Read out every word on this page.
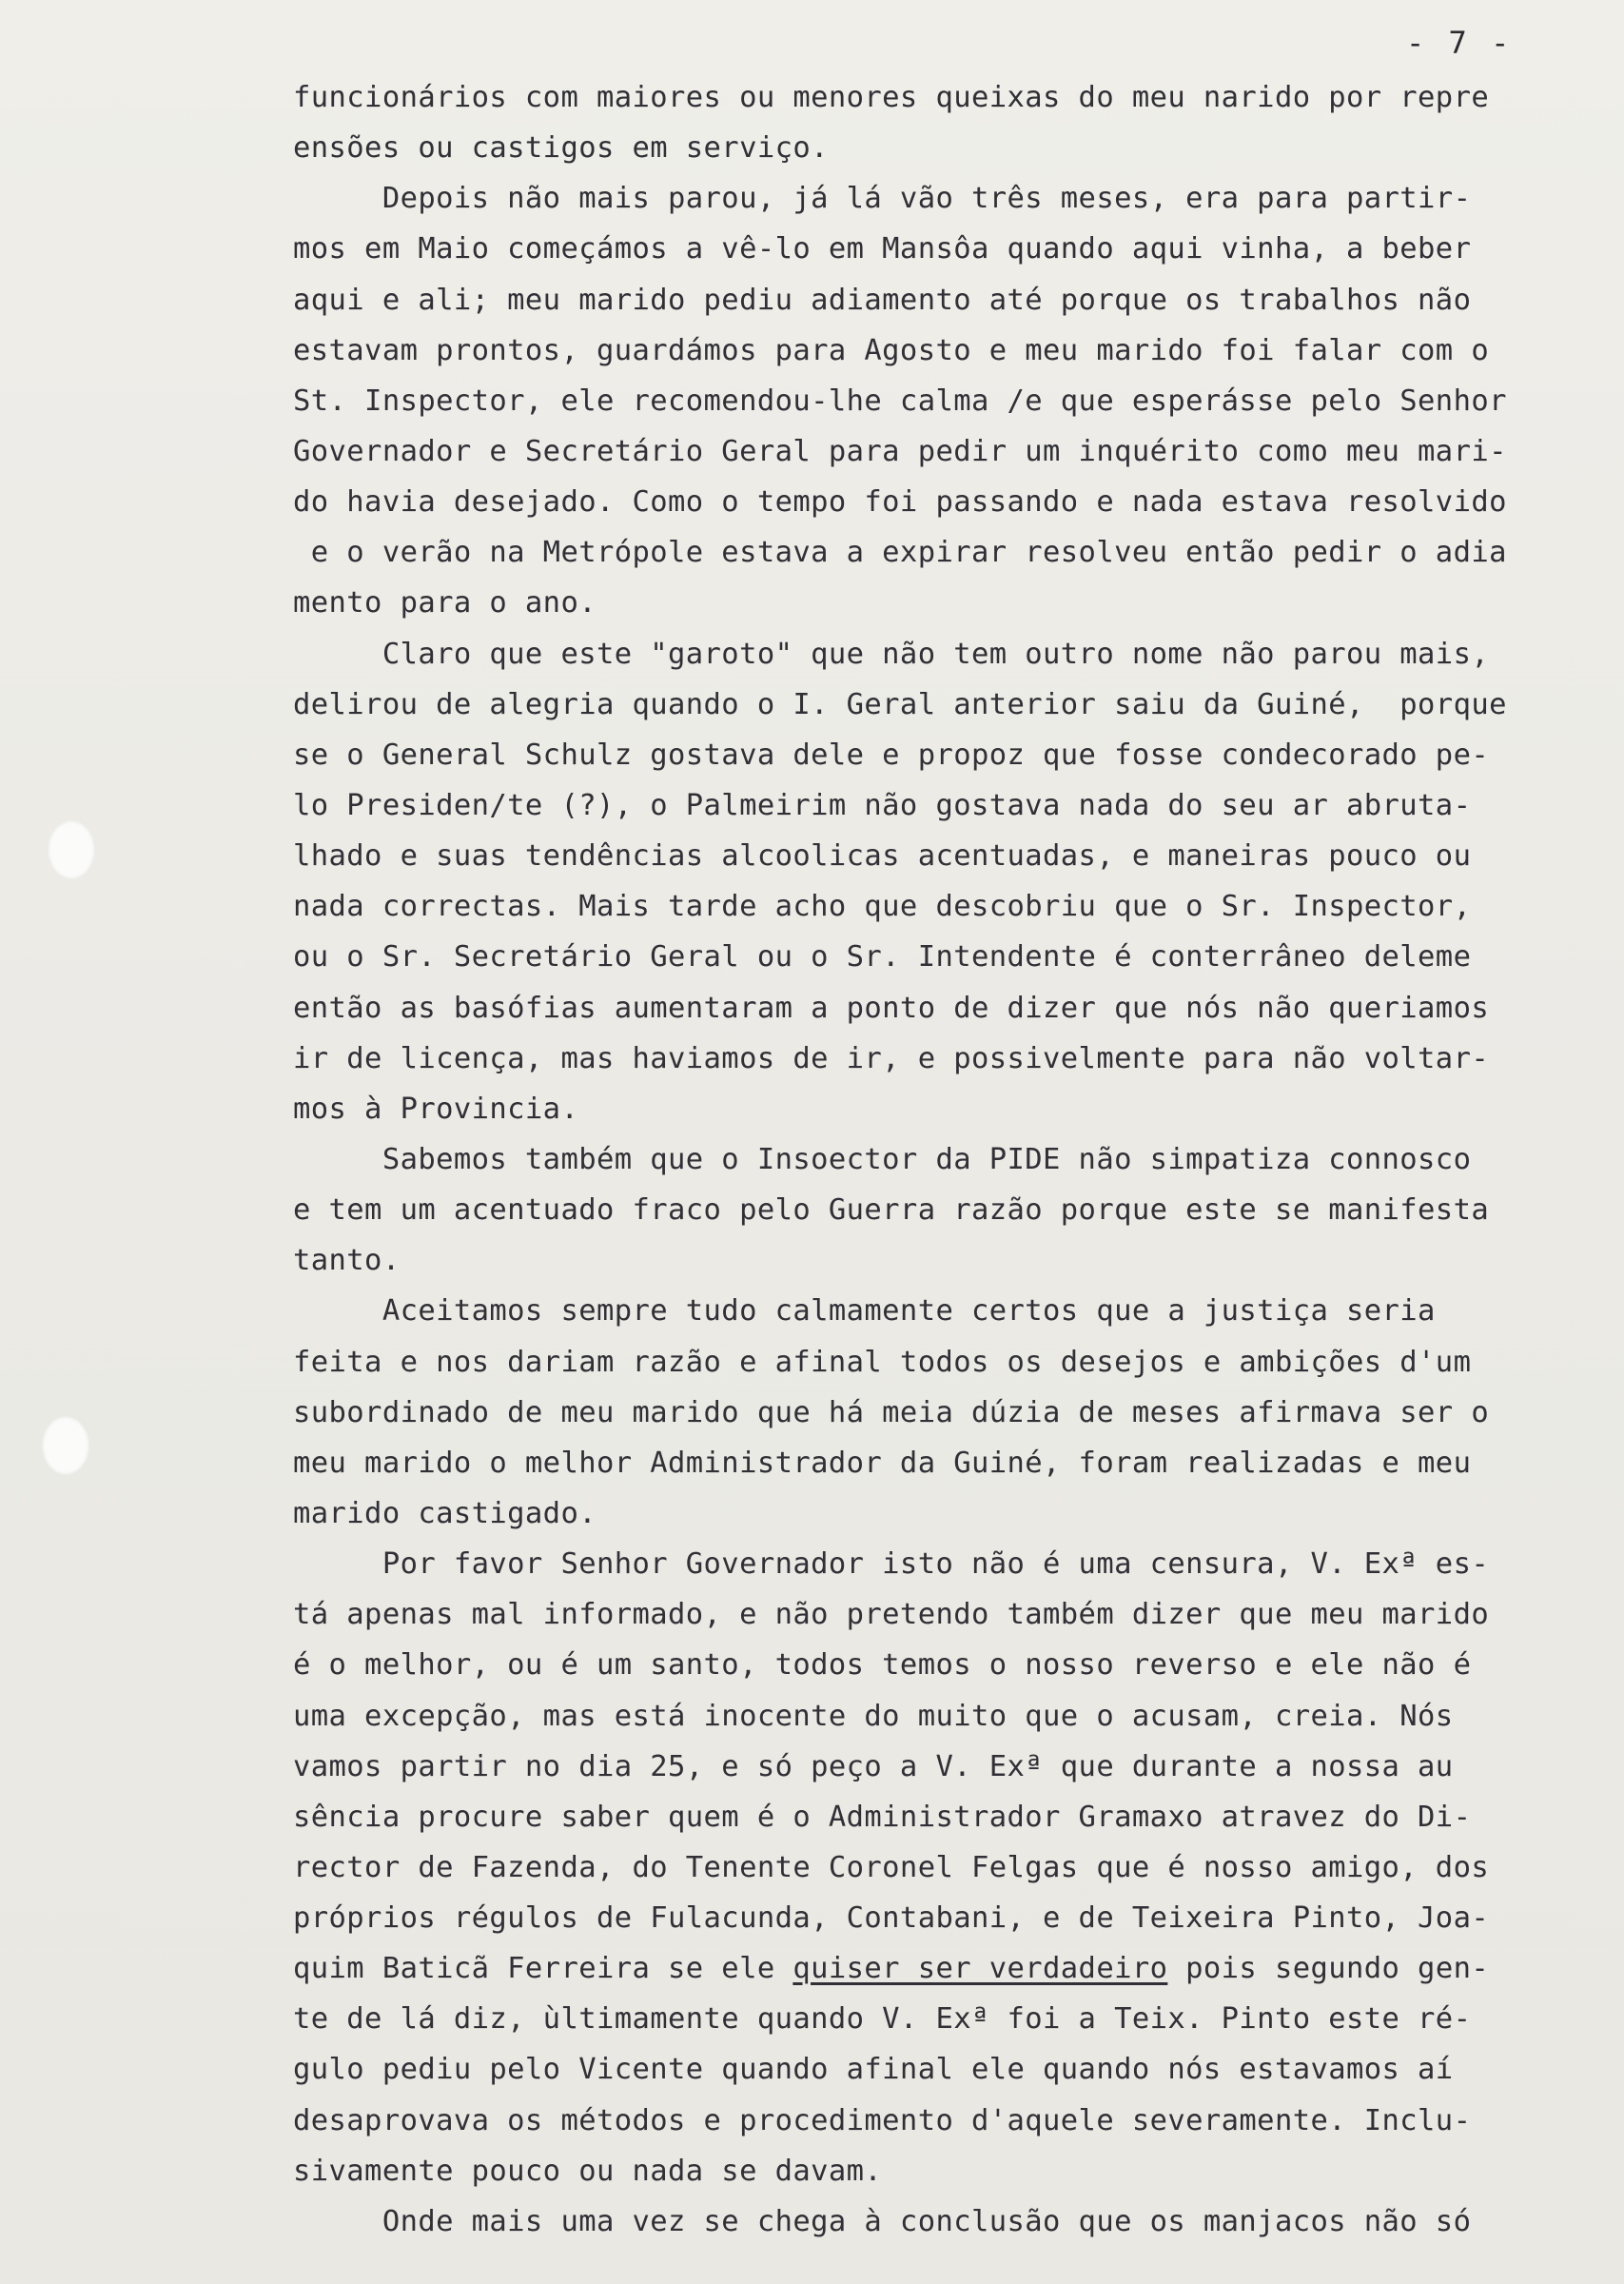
- 7 -
funcionários com maiores ou menores queixas do meu narido por repre
ensões ou castigos em serviço.
Depois não mais parou, já lá vão três meses, era para partir-
mos em Maio começámos a vê-lo em Mansôa quando aqui vinha, a beber
aqui e ali; meu marido pediu adiamento até porque os trabalhos não
estavam prontos, guardámos para Agosto e meu marido foi falar com o
St. Inspector, ele recomendou-lhe calma /e que esperásse pelo Senhor
Governador e Secretário Geral para pedir um inquérito como meu mari-
do havia desejado. Como o tempo foi passando e nada estava resolvido
e o verão na Metrópole estava a expirar resolveu então pedir o adia
mento para o ano.
Claro que este "garoto" que não tem outro nome não parou mais,
delirou de alegria quando o I. Geral anterior saiu da Guiné,  porque
se o General Schulz gostava dele e propoz que fosse condecorado pe-
lo Presiden/te (?), o Palmeirim não gostava nada do seu ar abrutа-
lhado e suas tendências alcoolicas acentuadas, e maneiras pouco ou
nada correctas. Mais tarde acho que descobriu que o Sr. Inspector,
ou o Sr. Secretário Geral ou o Sr. Intendente é conterrâneo deleme
então as basófias aumentaram a ponto de dizer que nós não queriamos
ir de licença, mas haviamos de ir, e possivelmente para não voltar-
mos à Provincia.
Sabemos também que o Insoector da PIDE não simpatiza connosco
e tem um acentuado fraco pelo Guerra razão porque este se manifesta
tanto.
Aceitamos sempre tudo calmamente certos que a justiça seria
feita e nos dariam razão e afinal todos os desejos e ambições d'um
subordinado de meu marido que há meia dúzia de meses afirmava ser o
meu marido o melhor Administrador da Guiné, foram realizadas e meu
marido castigado.
Por favor Senhor Governador isto não é uma censura, V. Exª es-
tá apenas mal informado, e não pretendo também dizer que meu marido
é o melhor, ou é um santo, todos temos o nosso reverso e ele não é
uma excepção, mas está inocente do muito que o acusam, creia. Nós
vamos partir no dia 25, e só peço a V. Exª que durante a nossa au
sência procure saber quem é o Administrador Gramaxo atravez do Di-
rector de Fazenda, do Tenente Coronel Felgas que é nosso amigo, dos
próprios régulos de Fulacunda, Contabani, e de Teixeira Pinto, Joa-
quim Baticã Ferreira se ele quiser ser verdadeiro pois segundo gen-
te de lá diz, ùltimamente quando V. Exª foi a Teix. Pinto este ré-
gulo pediu pelo Vicente quando afinal ele quando nós estavamos aí
desaprovava os métodos e procedimento d'aquele severamente. Inclu-
sivamente pouco ou nada se davam.
Onde mais uma vez se chega à conclusão que os manjacos não só
